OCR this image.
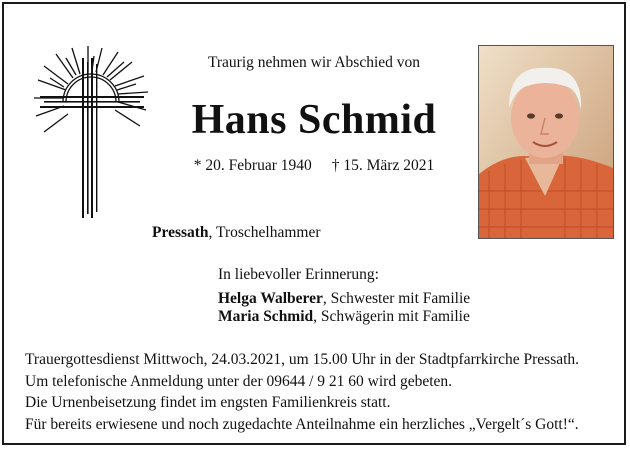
Traurig nehmen wir Abschied von
Hans Schmid
* 20. Februar 1940 † 15. März 2021
Pressath, Troschelhammer
In liebevoller Erinnerung:
Helga Walberer, Schwester mit Familie
Maria Schmid, Schwägerin mit Familie
Trauergottesdienst Mittwoch, 24.03.2021, um 15.00 Uhr in der Stadtpfarrkirche Pressath.
Um telefonische Anmeldung unter der 09644 / 9 21 60 wird gebeten.
Die Urnenbeisetzung findet im engsten Familienkreis statt.
Für bereits erwiesene und noch zugedachte Anteilnahme ein herzliches „Vergelt´s Gott!“.
